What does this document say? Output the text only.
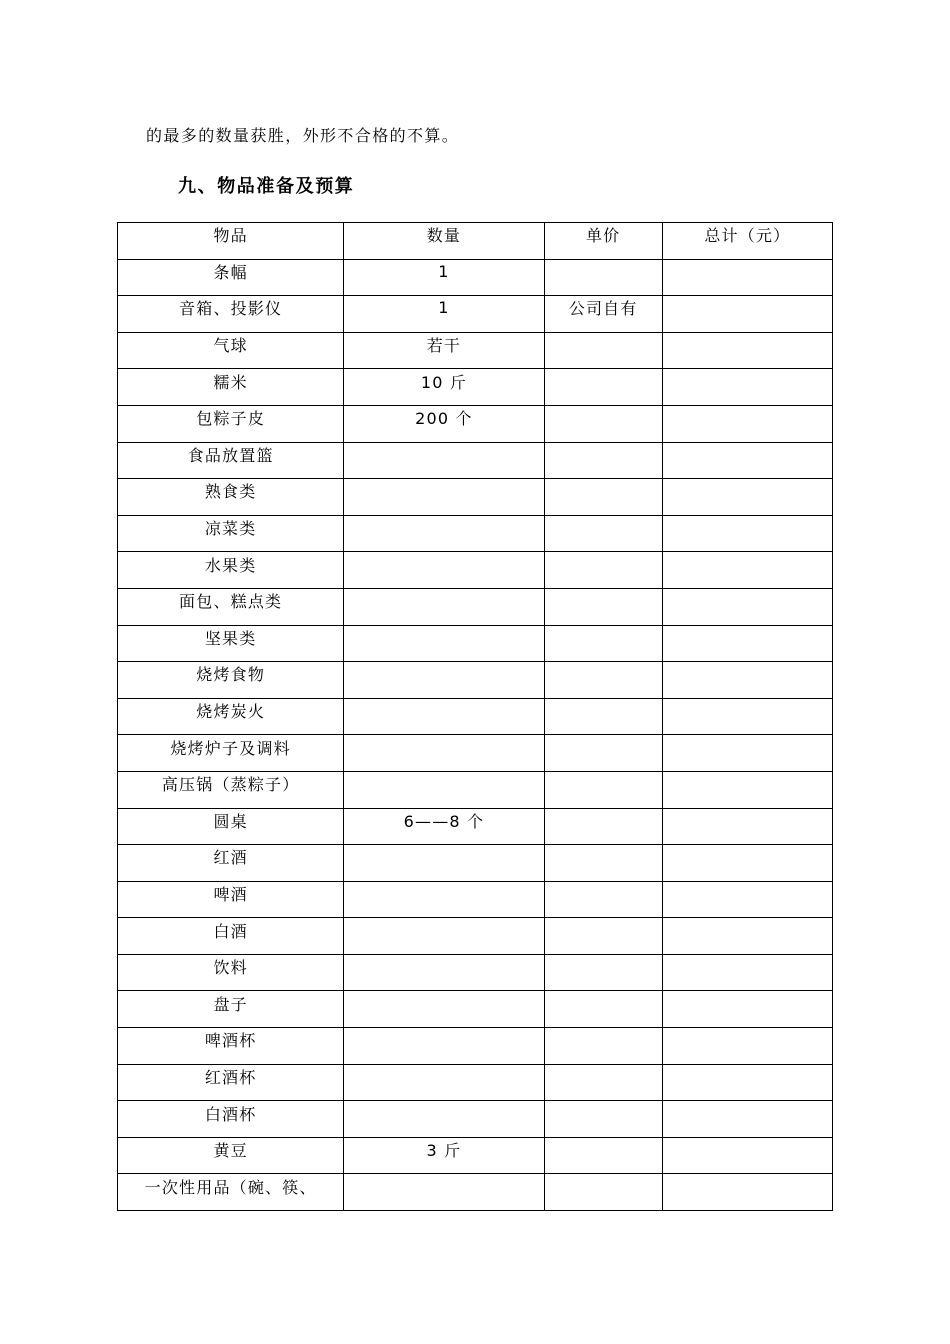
的最多的数量获胜，外形不合格的不算。
九、物品准备及预算
物品	数量	单价	总计（元）
条幅	1		
音箱、投影仪	1	公司自有	
气球	若干		
糯米	10 斤		
包粽子皮	200 个		
食品放置篮			
熟食类			
凉菜类			
水果类			
面包、糕点类			
坚果类			
烧烤食物			
烧烤炭火			
烧烤炉子及调料			
高压锅（蒸粽子）			
圆桌	6——8 个		
红酒			
啤酒			
白酒			
饮料			
盘子			
啤酒杯			
红酒杯			
白酒杯			
黄豆	3 斤		
一次性用品（碗、筷、			
